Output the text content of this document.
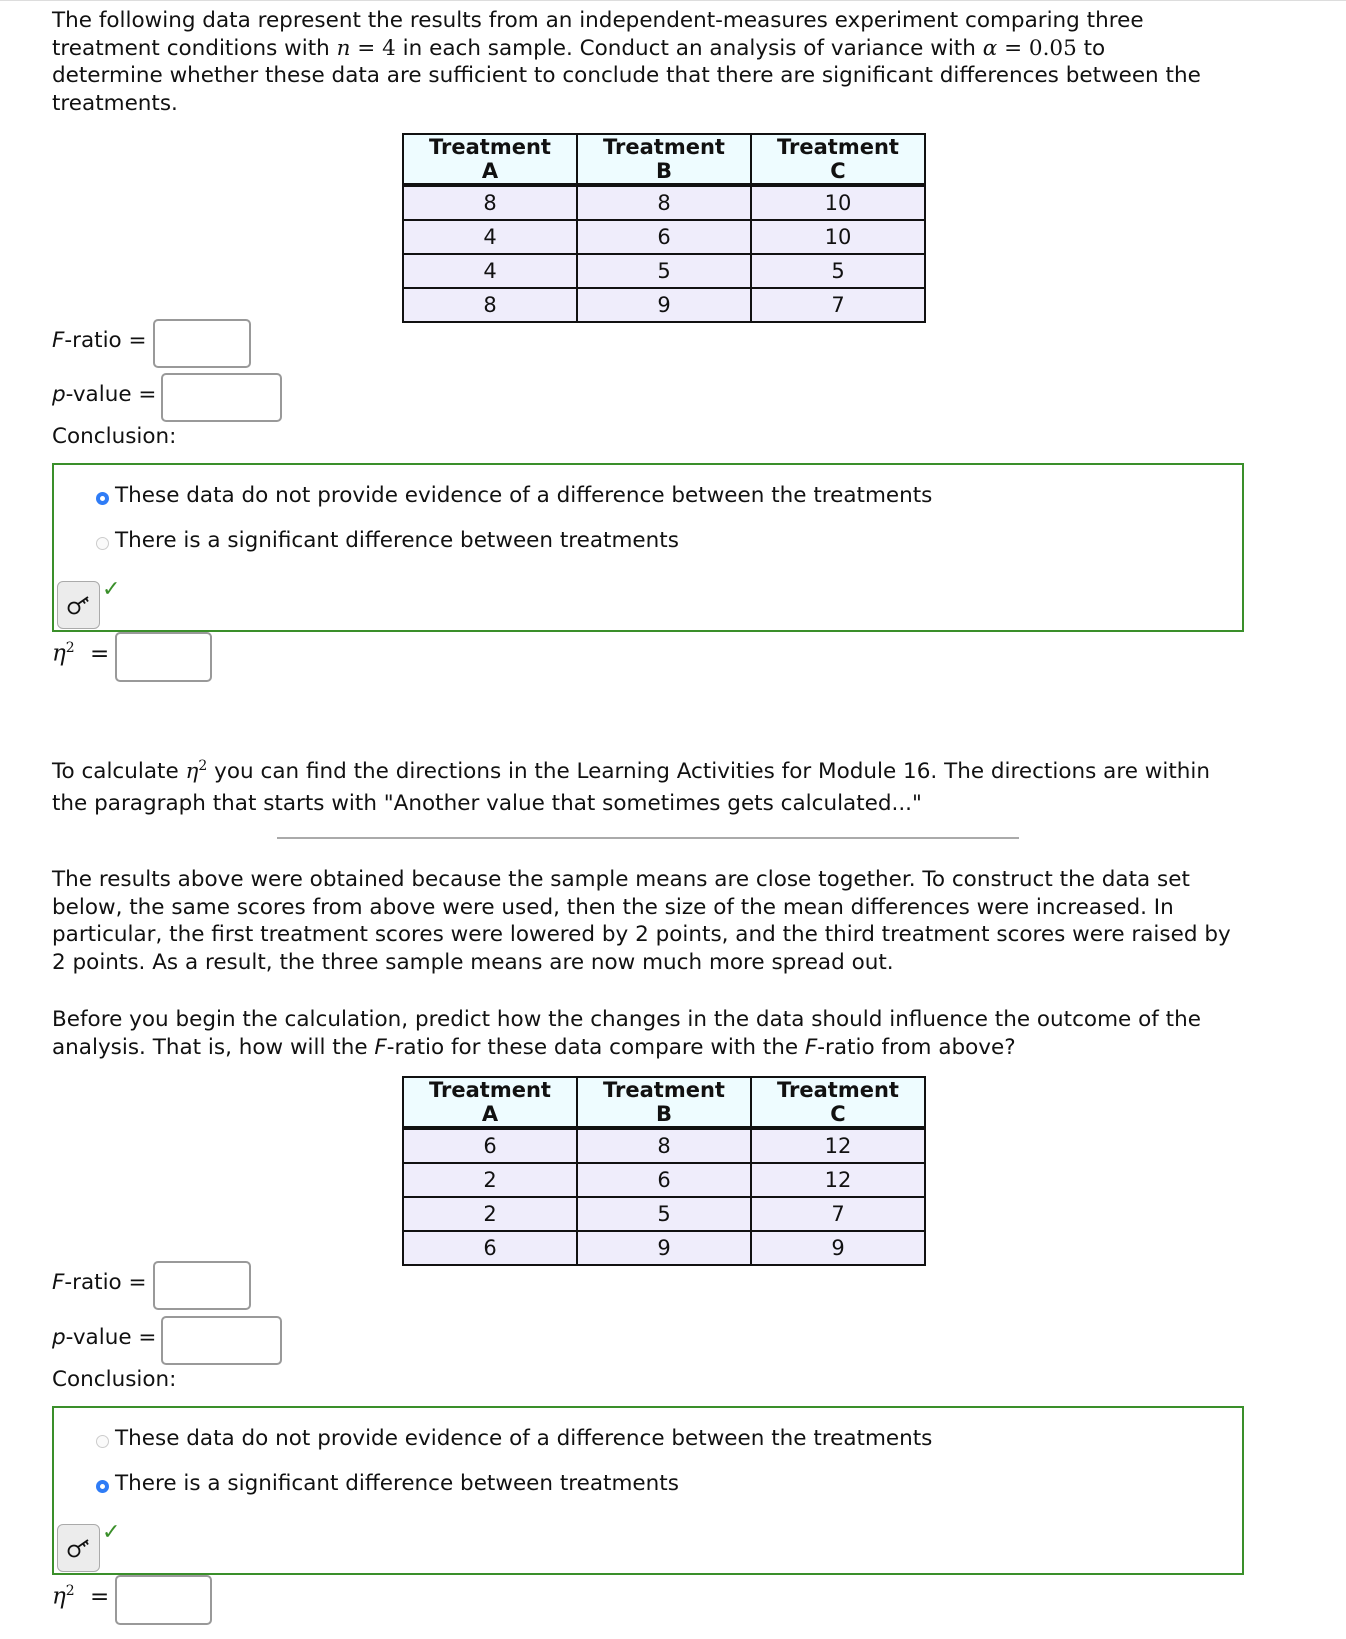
The following data represent the results from an independent-measures experiment comparing three
treatment conditions with n = 4 in each sample. Conduct an analysis of variance with α = 0.05 to
determine whether these data are sufficient to conclude that there are significant differences between the
treatments.
Treatment A	Treatment B	Treatment C
8	8	10
4	6	10
4	5	5
8	9	7
F-ratio =
p-value =
Conclusion:
These data do not provide evidence of a difference between the treatments
There is a significant difference between treatments
✓
$\eta^2$ =
To calculate $\eta^2$ you can find the directions in the Learning Activities for Module 16. The directions are within
the paragraph that starts with "Another value that sometimes gets calculated..."
The results above were obtained because the sample means are close together. To construct the data set
below, the same scores from above were used, then the size of the mean differences were increased. In
particular, the first treatment scores were lowered by 2 points, and the third treatment scores were raised by
2 points. As a result, the three sample means are now much more spread out.
Before you begin the calculation, predict how the changes in the data should influence the outcome of the
analysis. That is, how will the F-ratio for these data compare with the F-ratio from above?
Treatment A	Treatment B	Treatment C
6	8	12
2	6	12
2	5	7
6	9	9
F-ratio =
p-value =
Conclusion:
These data do not provide evidence of a difference between the treatments
There is a significant difference between treatments
✓
$\eta^2$ =
